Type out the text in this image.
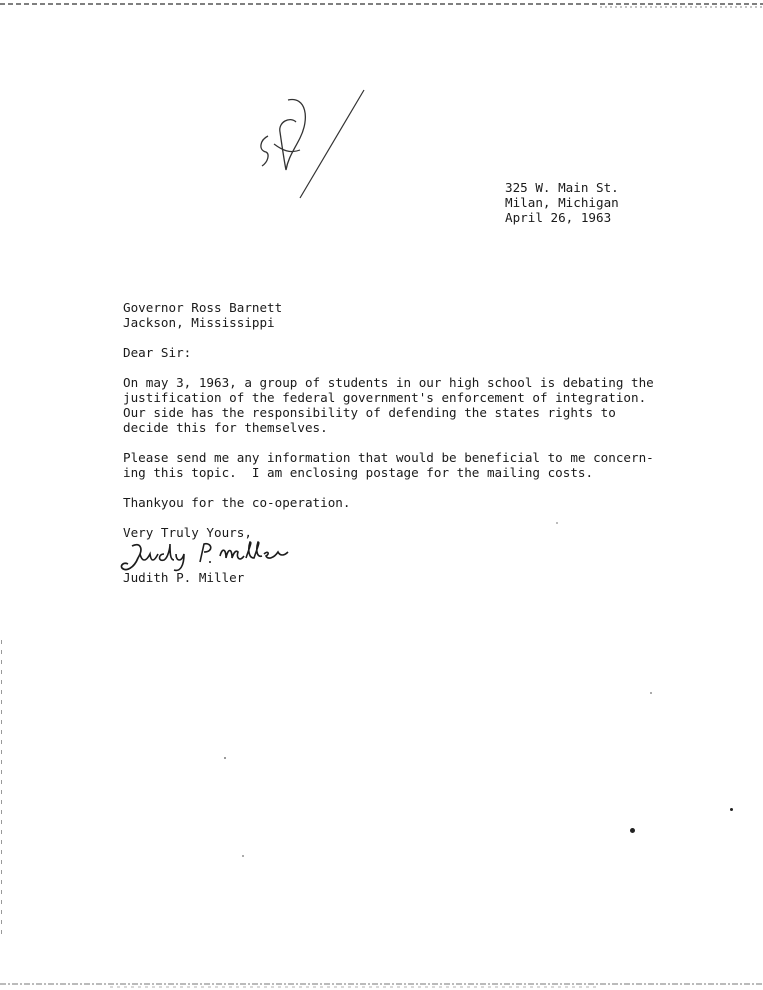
325 W. Main St.
Milan, Michigan
April 26, 1963
Governor Ross Barnett
Jackson, Mississippi
Dear Sir:
On may 3, 1963, a group of students in our high school is debating the
justification of the federal government's enforcement of integration.
Our side has the responsibility of defending the states rights to
decide this for themselves.
Please send me any information that would be beneficial to me concern-
ing this topic.  I am enclosing postage for the mailing costs.
Thankyou for the co-operation.
Very Truly Yours,
Judith P. Miller
